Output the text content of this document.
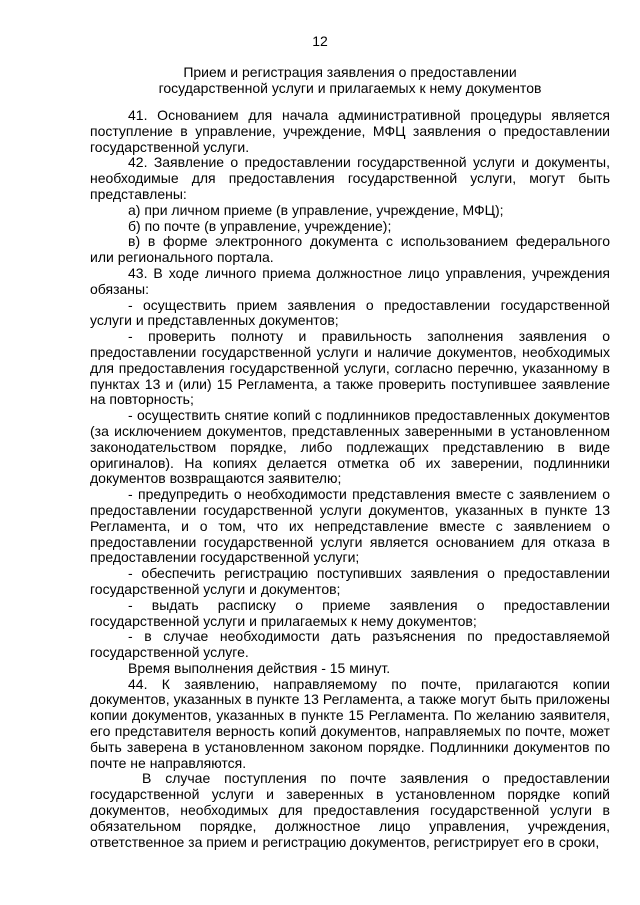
12
Прием и регистрация заявления о предоставлении
государственной услуги и прилагаемых к нему документов

41. Основанием для начала административной процедуры является поступление в управление, учреждение, МФЦ заявления о предоставлении государственной услуги.

42. Заявление о предоставлении государственной услуги и документы, необходимые для предоставления государственной услуги, могут быть представлены:

а) при личном приеме (в управление, учреждение, МФЦ);

б) по почте (в управление, учреждение);

в) в форме электронного документа с использованием федерального или регионального портала.

43. В ходе личного приема должностное лицо управления, учреждения обязаны:

- осуществить прием заявления о предоставлении государственной услуги и представленных документов;

- проверить полноту и правильность заполнения заявления о предоставлении государственной услуги и наличие документов, необходимых для предоставления государственной услуги, согласно перечню, указанному в пунктах 13 и (или) 15 Регламента, а также проверить поступившее заявление на повторность;

- осуществить снятие копий с подлинников предоставленных документов (за исключением документов, представленных заверенными в установленном законодательством порядке, либо подлежащих представлению в виде оригиналов). На копиях делается отметка об их заверении, подлинники документов возвращаются заявителю;

- предупредить о необходимости представления вместе с заявлением о предоставлении государственной услуги документов, указанных в пункте 13 Регламента, и о том, что их непредставление вместе с заявлением о предоставлении государственной услуги является основанием для отказа в предоставлении государственной услуги;

- обеспечить регистрацию поступивших заявления о предоставлении государственной услуги и документов;

- выдать расписку о приеме заявления о предоставлении государственной услуги и прилагаемых к нему документов;

- в случае необходимости дать разъяснения по предоставляемой государственной услуге.

Время выполнения действия - 15 минут.

44. К заявлению, направляемому по почте, прилагаются копии документов, указанных в пункте 13 Регламента, а также могут быть приложены копии документов, указанных в пункте 15 Регламента. По желанию заявителя, его представителя верность копий документов, направляемых по почте, может быть заверена в установленном законом порядке. Подлинники документов по почте не направляются.

В случае поступления по почте заявления о предоставлении государственной услуги и заверенных в установленном порядке копий документов, необходимых для предоставления государственной услуги в обязательном порядке, должностное лицо управления, учреждения, ответственное за прием и регистрацию документов, регистрирует его в сроки,
